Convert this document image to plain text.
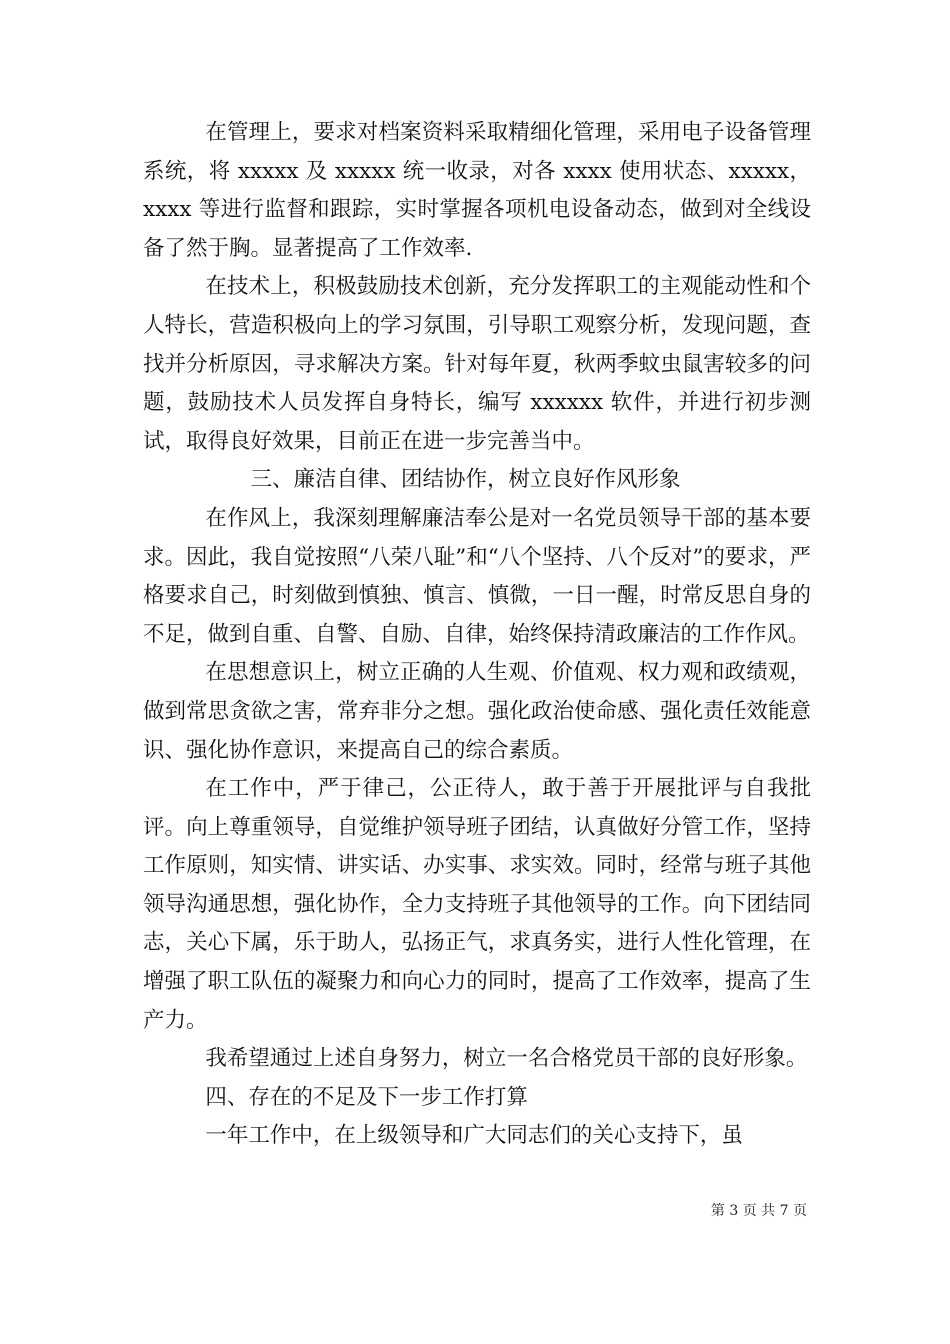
在管理上，要求对档案资料采取精细化管理，采用电子设备管理系统，将 xxxxx 及 xxxxx 统一收录，对各 xxxx 使用状态、xxxxx，xxxx 等进行监督和跟踪，实时掌握各项机电设备动态，做到对全线设备了然于胸。显著提高了工作效率.

在技术上，积极鼓励技术创新，充分发挥职工的主观能动性和个人特长，营造积极向上的学习氛围，引导职工观察分析，发现问题，查找并分析原因，寻求解决方案。针对每年夏，秋两季蚊虫鼠害较多的问题，鼓励技术人员发挥自身特长，编写 xxxxxx 软件，并进行初步测试，取得良好效果，目前正在进一步完善当中。

三、廉洁自律、团结协作，树立良好作风形象

在作风上，我深刻理解廉洁奉公是对一名党员领导干部的基本要求。因此，我自觉按照“八荣八耻”和“八个坚持、八个反对”的要求，严格要求自己，时刻做到慎独、慎言、慎微，一日一醒，时常反思自身的不足，做到自重、自警、自励、自律，始终保持清政廉洁的工作作风。

在思想意识上，树立正确的人生观、价值观、权力观和政绩观，做到常思贪欲之害，常弃非分之想。强化政治使命感、强化责任效能意识、强化协作意识，来提高自己的综合素质。

在工作中，严于律己，公正待人，敢于善于开展批评与自我批评。向上尊重领导，自觉维护领导班子团结，认真做好分管工作，坚持工作原则，知实情、讲实话、办实事、求实效。同时，经常与班子其他领导沟通思想，强化协作，全力支持班子其他领导的工作。向下团结同志，关心下属，乐于助人，弘扬正气，求真务实，进行人性化管理，在增强了职工队伍的凝聚力和向心力的同时，提高了工作效率，提高了生产力。

我希望通过上述自身努力，树立一名合格党员干部的良好形象。

四、存在的不足及下一步工作打算

一年工作中，在上级领导和广大同志们的关心支持下，虽

第 3 页 共 7 页
